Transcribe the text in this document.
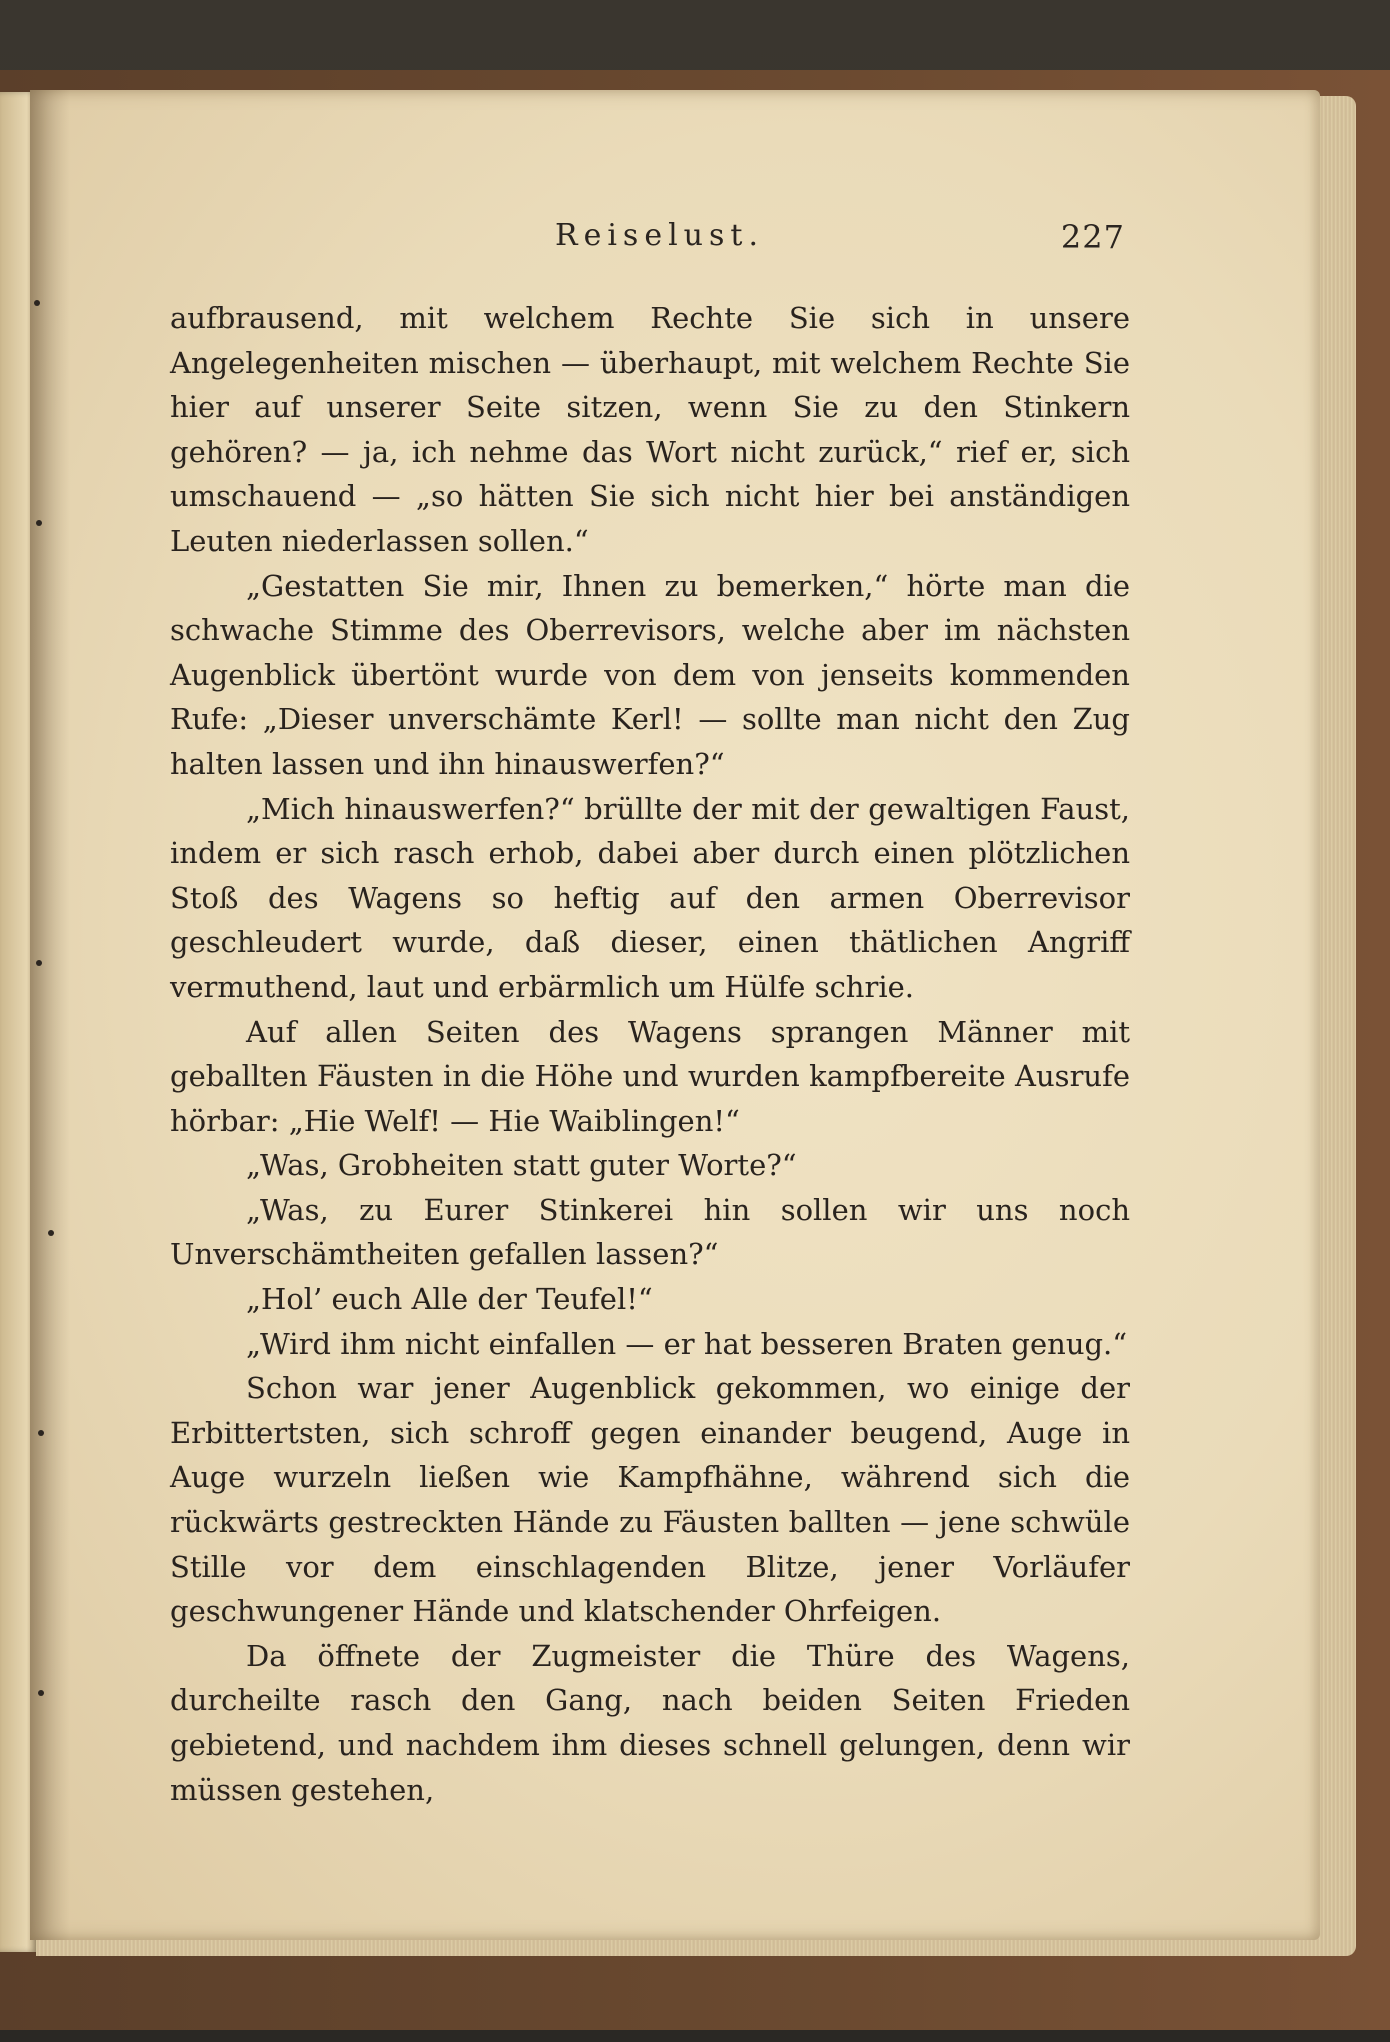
Reiselust.	227

aufbrausend, mit welchem Rechte Sie sich in unsere Angelegenheiten mischen — überhaupt, mit welchem Rechte Sie hier auf unserer Seite sitzen, wenn Sie zu den Stinkern gehören? — ja, ich nehme das Wort nicht zurück,“ rief er, sich umschauend — „so hätten Sie sich nicht hier bei anständigen Leuten niederlassen sollen.“

„Gestatten Sie mir, Ihnen zu bemerken,“ hörte man die schwache Stimme des Oberrevisors, welche aber im nächsten Augenblick übertönt wurde von dem von jenseits kommenden Rufe: „Dieser unverschämte Kerl! — sollte man nicht den Zug halten lassen und ihn hinauswerfen?“

„Mich hinauswerfen?“ brüllte der mit der gewaltigen Faust, indem er sich rasch erhob, dabei aber durch einen plötzlichen Stoß des Wagens so heftig auf den armen Oberrevisor geschleudert wurde, daß dieser, einen thätlichen Angriff vermuthend, laut und erbärmlich um Hülfe schrie.

Auf allen Seiten des Wagens sprangen Männer mit geballten Fäusten in die Höhe und wurden kampfbereite Ausrufe hörbar: „Hie Welf! — Hie Waiblingen!“

„Was, Grobheiten statt guter Worte?“

„Was, zu Eurer Stinkerei hin sollen wir uns noch Unverschämtheiten gefallen lassen?“

„Hol’ euch Alle der Teufel!“

„Wird ihm nicht einfallen — er hat besseren Braten genug.“

Schon war jener Augenblick gekommen, wo einige der Erbittertsten, sich schroff gegen einander beugend, Auge in Auge wurzeln ließen wie Kampfhähne, während sich die rückwärts gestreckten Hände zu Fäusten ballten — jene schwüle Stille vor dem einschlagenden Blitze, jener Vorläufer geschwungener Hände und klatschender Ohrfeigen.

Da öffnete der Zugmeister die Thüre des Wagens, durcheilte rasch den Gang, nach beiden Seiten Frieden gebietend, und nachdem ihm dieses schnell gelungen, denn wir müssen gestehen,
